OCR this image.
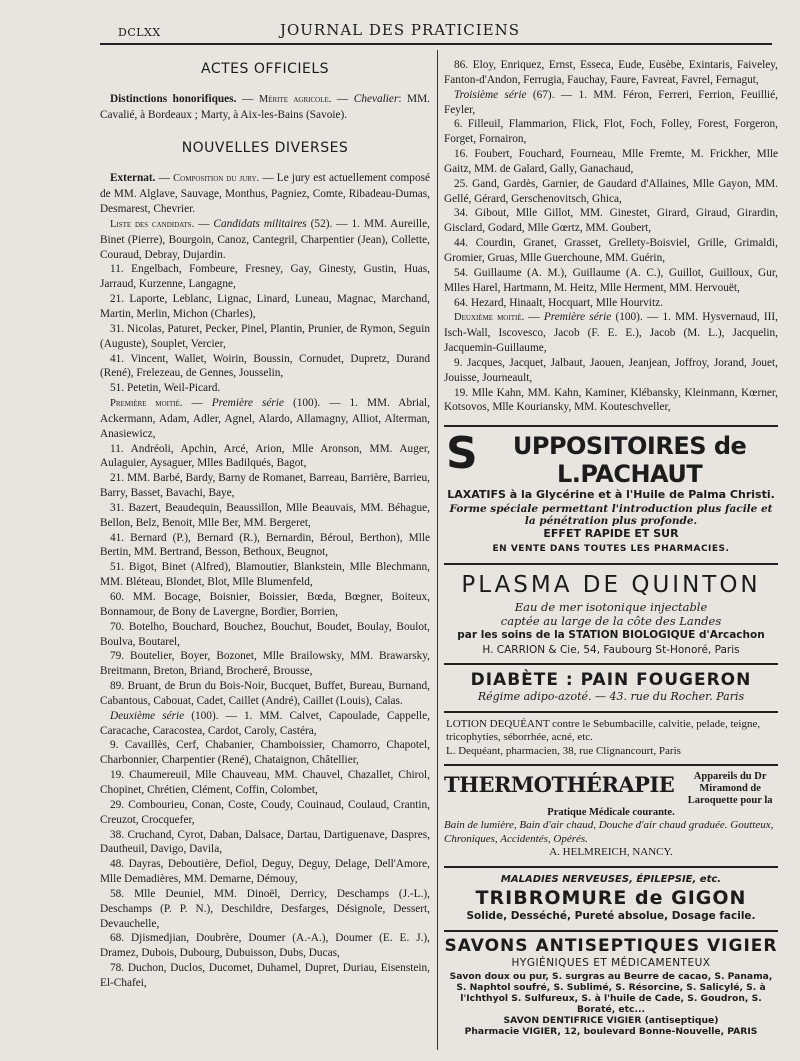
DCLXX	JOURNAL DES PRATICIENS

ACTES OFFICIELS

Distinctions honorifiques. — Mérite agricole. — Chevalier: MM. Cavalié, à Bordeaux ; Marty, à Aix-les-Bains (Savoie).

NOUVELLES DIVERSES

Externat. — Composition du jury. — Le jury est actuellement composé de MM. Alglave, Sauvage, Monthus, Pagniez, Comte, Ribadeau-Dumas, Desmarest, Chevrier.

Liste des candidats. — Candidats militaires (52). — 1. MM. Aureille, Binet (Pierre), Bourgoin, Canoz, Cantegril, Charpentier (Jean), Collette, Couraud, Debray, Dujardin.

11. Engelbach, Fombeure, Fresney, Gay, Ginesty, Gustin, Huas, Jarraud, Kurzenne, Langagne,

21. Laporte, Leblanc, Lignac, Linard, Luneau, Magnac, Marchand, Martin, Merlin, Michon (Charles),

31. Nicolas, Paturet, Pecker, Pinel, Plantin, Prunier, de Rymon, Seguin (Auguste), Souplet, Vercier,

41. Vincent, Wallet, Woirin, Boussin, Cornudet, Dupretz, Durand (René), Frelezeau, de Gennes, Jousselin,

51. Petetin, Weil-Picard.

Première moitié. — Première série (100). — 1. MM. Abrial, Ackermann, Adam, Adler, Agnel, Alardo, Allamagny, Alliot, Alterman, Anasiewicz,

11. Andréoli, Apchin, Arcé, Arion, Mlle Aronson, MM. Auger, Aulaguier, Aysaguer, Mlles Badilqués, Bagot,

21. MM. Barbé, Bardy, Barny de Romanet, Barreau, Barrière, Barrieu, Barry, Basset, Bavachi, Baye,

31. Bazert, Beaudequin, Beaussillon, Mlle Beauvais, MM. Béhague, Bellon, Belz, Benoit, Mlle Ber, MM. Bergeret,

41. Bernard (P.), Bernard (R.), Bernardin, Béroul, Berthon), Mlle Bertin, MM. Bertrand, Besson, Bethoux, Beugnot,

51. Bigot, Binet (Alfred), Blamoutier, Blankstein, Mlle Blechmann, MM. Bléteau, Blondet, Blot, Mlle Blumenfeld,

60. MM. Bocage, Boisnier, Boissier, Bœda, Bœgner, Boiteux, Bonnamour, de Bony de Lavergne, Bordier, Borrien,

70. Botelho, Bouchard, Bouchez, Bouchut, Boudet, Boulay, Boulot, Boulva, Boutarel,

79. Boutelier, Boyer, Bozonet, Mlle Brailowsky, MM. Brawarsky, Breitmann, Breton, Briand, Brocheré, Brousse,

89. Bruant, de Brun du Bois-Noir, Bucquet, Buffet, Bureau, Burnand, Cabantous, Cabouat, Cadet, Caillet (André), Caillet (Louis), Calas.

Deuxième série (100). — 1. MM. Calvet, Capoulade, Cappelle, Caracache, Caracostea, Cardot, Caroly, Castéra,

9. Cavaillès, Cerf, Chabanier, Chamboissier, Chamorro, Chapotel, Charbonnier, Charpentier (René), Chataignon, Châtellier,

19. Chaumereuil, Mlle Chauveau, MM. Chauvel, Chazallet, Chirol, Chopinet, Chrétien, Clément, Coffin, Colombet,

29. Combourieu, Conan, Coste, Coudy, Couinaud, Coulaud, Crantin, Creuzot, Crocquefer,

38. Cruchand, Cyrot, Daban, Dalsace, Dartau, Dartiguenave, Daspres, Dautheuil, Davigo, Davila,

48. Dayras, Deboutière, Defiol, Deguy, Deguy, Delage, Dell'Amore, Mlle Demadières, MM. Demarne, Démouy,

58. Mlle Deuniel, MM. Dinoël, Derricy, Deschamps (J.-L.), Deschamps (P. P. N.), Deschildre, Desfarges, Désignole, Dessert, Devauchelle,

68. Djismedjian, Doubrère, Doumer (A.-A.), Doumer (E. E. J.), Dramez, Dubois, Dubourg, Dubuisson, Dubs, Ducas,

78. Duchon, Duclos, Ducomet, Duhamel, Dupret, Duriau, Eisenstein, El-Chafei,

86. Eloy, Enriquez, Ernst, Esseca, Eude, Eusèbe, Exintaris, Faiveley, Fanton-d'Andon, Ferrugia, Fauchay, Faure, Favreat, Favrel, Fernagut,

Troisième série (67). — 1. MM. Féron, Ferreri, Ferrion, Feuillié, Feyler,

6. Filleuil, Flammarion, Flick, Flot, Foch, Folley, Forest, Forgeron, Forget, Fornairon,

16. Foubert, Fouchard, Fourneau, Mlle Fremte, M. Frickher, Mlle Gaitz, MM. de Galard, Gally, Ganachaud,

25. Gand, Gardès, Garnier, de Gaudard d'Allaines, Mlle Gayon, MM. Gellé, Gérard, Gerschenovitsch, Ghica,

34. Gibout, Mlle Gillot, MM. Ginestet, Girard, Giraud, Girardin, Gisclard, Godard, Mlle Gœrtz, MM. Goubert,

44. Courdin, Granet, Grasset, Grellety-Boisviel, Grille, Grimaldi, Gromier, Gruas, Mlle Guerchoune, MM. Guérin,

54. Guillaume (A. M.), Guillaume (A. C.), Guillot, Guilloux, Gur, Mlles Harel, Hartmann, M. Heitz, Mlle Herment, MM. Hervouët,

64. Hezard, Hinaalt, Hocquart, Mlle Hourvitz.

Deuxième moitié. — Première série (100). — 1. MM. Hysvernaud, III, Isch-Wall, Iscovesco, Jacob (F. E. E.), Jacob (M. L.), Jacquelin, Jacquemin-Guillaume,

9. Jacques, Jacquet, Jalbaut, Jaouen, Jeanjean, Joffroy, Jorand, Jouet, Jouisse, Journeault,

19. Mlle Kahn, MM. Kahn, Kaminer, Klébansky, Kleinmann, Kœrner, Kotsovos, Mlle Kouriansky, MM. Kouteschveller,

S UPPOSITOIRES de L.PACHAUT
LAXATIFS à la Glycérine et à l'Huile de Palma Christi.
Forme spéciale permettant l'introduction plus facile et la pénétration plus profonde.
EFFET RAPIDE ET SUR
EN VENTE DANS TOUTES LES PHARMACIES.
PLASMA DE QUINTON
Eau de mer isotonique injectable
captée au large de la côte des Landes
par les soins de la STATION BIOLOGIQUE d'Arcachon
H. CARRION & Cie, 54, Faubourg St-Honoré, Paris
DIABÈTE : PAIN FOUGERON
Régime adipo-azoté. — 43. rue du Rocher. Paris
LOTION DEQUÉANT contre le Sebumbacille, calvitie, pelade, teigne, tricophyties, séborrhée, acné, etc.
L. Dequéant, pharmacien, 38, rue Clignancourt, Paris
THERMOTHÉRAPIE	Appareils du Dr Miramond de Laroquette pour la Pratique Médicale courante.
Bain de lumière, Bain d'air chaud, Douche d'air chaud graduée. Goutteux, Chroniques, Accidentés, Opérés.
A. HELMREICH, NANCY.
MALADIES NERVEUSES, ÉPILEPSIE, etc.
TRIBROMURE de GIGON
Solide, Desséché, Pureté absolue, Dosage facile.
SAVONS ANTISEPTIQUES VIGIER
HYGIÉNIQUES ET MÉDICAMENTEUX
Savon doux ou pur, S. surgras au Beurre de cacao, S. Panama, S. Naphtol soufré, S. Sublimé, S. Résorcine, S. Salicylé, S. à l'Ichthyol S. Sulfureux, S. à l'huile de Cade, S. Goudron, S. Boraté, etc...
SAVON DENTIFRICE VIGIER (antiseptique)
Pharmacie VIGIER, 12, boulevard Bonne-Nouvelle, PARIS
